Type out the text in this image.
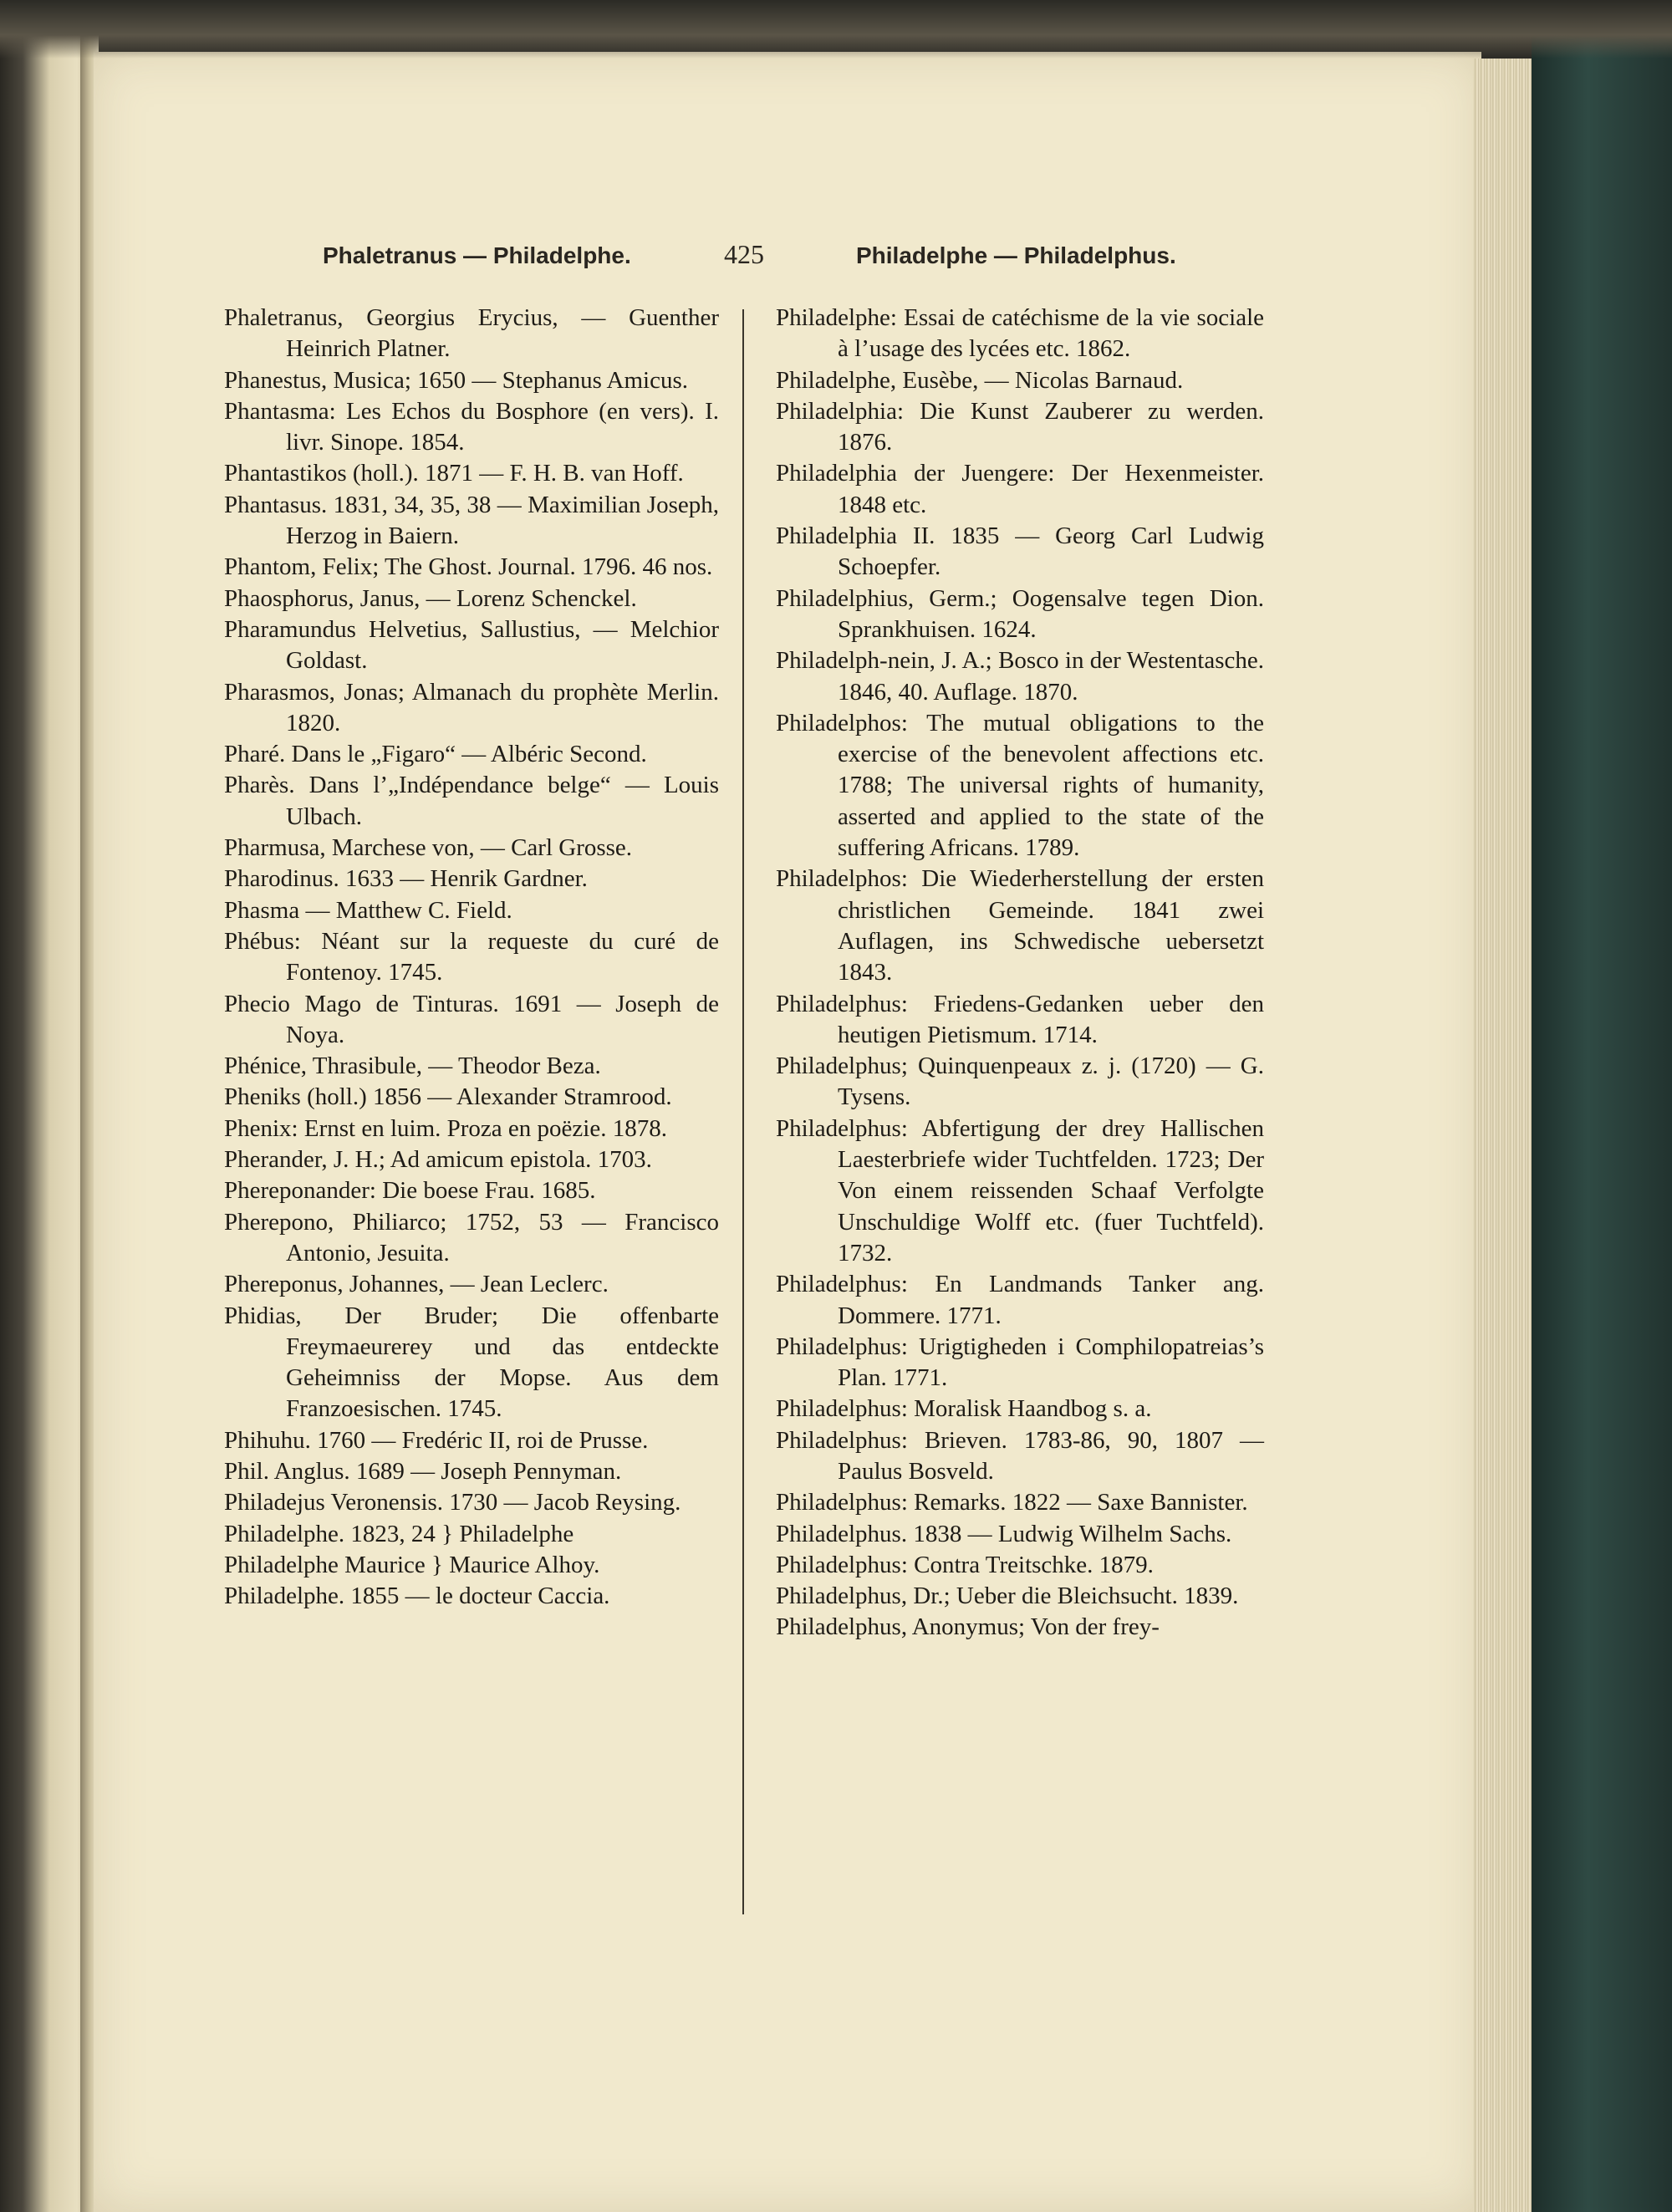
Phaletranus — Philadelphe.	425	Philadelphe — Philadelphus.

Phaletranus, Georgius Erycius, — Guenther Heinrich Platner.

Phanestus, Musica; 1650 — Stephanus Amicus.

Phantasma: Les Echos du Bosphore (en vers). I. livr. Sinope. 1854.

Phantastikos (holl.). 1871 — F. H. B. van Hoff.

Phantasus. 1831, 34, 35, 38 — Maximilian Joseph, Herzog in Baiern.

Phantom, Felix; The Ghost. Journal. 1796. 46 nos.

Phaosphorus, Janus, — Lorenz Schenckel.

Pharamundus Helvetius, Sallustius, — Melchior Goldast.

Pharasmos, Jonas; Almanach du prophète Merlin. 1820.

Pharé. Dans le „Figaro“ — Albéric Second.

Pharès. Dans l’„Indépendance belge“ — Louis Ulbach.

Pharmusa, Marchese von, — Carl Grosse.

Pharodinus. 1633 — Henrik Gardner.

Phasma — Matthew C. Field.

Phébus: Néant sur la requeste du curé de Fontenoy. 1745.

Phecio Mago de Tinturas. 1691 — Joseph de Noya.

Phénice, Thrasibule, — Theodor Beza.

Pheniks (holl.) 1856 — Alexander Stramrood.

Phenix: Ernst en luim. Proza en poëzie. 1878.

Pherander, J. H.; Ad amicum epistola. 1703.

Phereponander: Die boese Frau. 1685.

Pherepono, Philiarco; 1752, 53 — Francisco Antonio, Jesuita.

Phereponus, Johannes, — Jean Leclerc.

Phidias, Der Bruder; Die offenbarte Freymaeurerey und das entdeckte Geheimniss der Mopse. Aus dem Franzoesischen. 1745.

Phihuhu. 1760 — Fredéric II, roi de Prusse.

Phil. Anglus. 1689 — Joseph Pennyman.

Philadejus Veronensis. 1730 — Jacob Reysing.

Philadelphe. 1823, 24 } Philadelphe

Philadelphe Maurice } Maurice Alhoy.

Philadelphe. 1855 — le docteur Caccia.

Philadelphe: Essai de catéchisme de la vie sociale à l’usage des lycées etc. 1862.

Philadelphe, Eusèbe, — Nicolas Barnaud.

Philadelphia: Die Kunst Zauberer zu werden. 1876.

Philadelphia der Juengere: Der Hexenmeister. 1848 etc.

Philadelphia II. 1835 — Georg Carl Ludwig Schoepfer.

Philadelphius, Germ.; Oogensalve tegen Dion. Sprankhuisen. 1624.

Philadelph-nein, J. A.; Bosco in der Westentasche. 1846, 40. Auflage. 1870.

Philadelphos: The mutual obligations to the exercise of the benevolent affections etc. 1788; The universal rights of humanity, asserted and applied to the state of the suffering Africans. 1789.

Philadelphos: Die Wiederherstellung der ersten christlichen Gemeinde. 1841 zwei Auflagen, ins Schwedische uebersetzt 1843.

Philadelphus: Friedens-Gedanken ueber den heutigen Pietismum. 1714.

Philadelphus; Quinquenpeaux z. j. (1720) — G. Tysens.

Philadelphus: Abfertigung der drey Hallischen Laesterbriefe wider Tuchtfelden. 1723; Der Von einem reissenden Schaaf Verfolgte Unschuldige Wolff etc. (fuer Tuchtfeld). 1732.

Philadelphus: En Landmands Tanker ang. Dommere. 1771.

Philadelphus: Urigtigheden i Comphilopatreias’s Plan. 1771.

Philadelphus: Moralisk Haandbog s. a.

Philadelphus: Brieven. 1783-86, 90, 1807 — Paulus Bosveld.

Philadelphus: Remarks. 1822 — Saxe Bannister.

Philadelphus. 1838 — Ludwig Wilhelm Sachs.

Philadelphus: Contra Treitschke. 1879.

Philadelphus, Dr.; Ueber die Bleichsucht. 1839.

Philadelphus, Anonymus; Von der frey-
